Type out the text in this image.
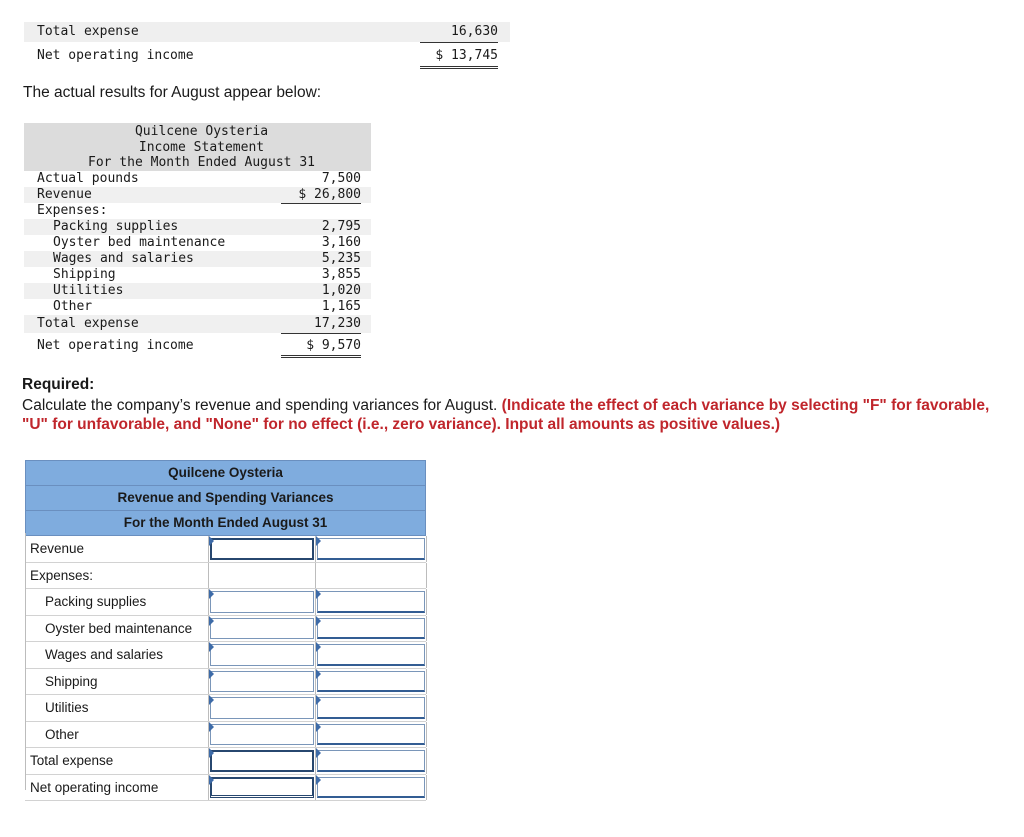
Total expense	16,630
Net operating income	$ 13,745
The actual results for August appear below:
Quilcene Oysteria
Income Statement
For the Month Ended August 31
Actual pounds	7,500
Revenue	$ 26,800
Expenses:
Packing supplies	2,795
Oyster bed maintenance	3,160
Wages and salaries	5,235
Shipping	3,855
Utilities	1,020
Other	1,165
Total expense	17,230
Net operating income	$ 9,570
Required:
Calculate the company’s revenue and spending variances for August. (Indicate the effect of each variance by selecting "F" for favorable, "U" for unfavorable, and "None" for no effect (i.e., zero variance). Input all amounts as positive values.)
Quilcene Oysteria
Revenue and Spending Variances
For the Month Ended August 31
Revenue
Expenses:
Packing supplies
Oyster bed maintenance
Wages and salaries
Shipping
Utilities
Other
Total expense
Net operating income
